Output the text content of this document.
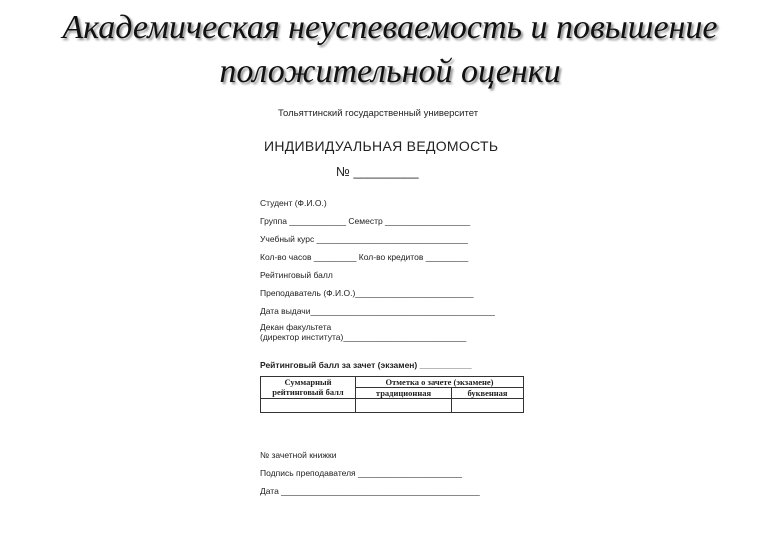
Академическая неуспеваемость и повышение
положительной оценки
Тольяттинский государственный университет
ИНДИВИДУАЛЬНАЯ ВЕДОМОСТЬ
№ _________
Студент (Ф.И.О.)
Группа ____________ Семестр __________________
Учебный курс ________________________________
Кол-во часов _________ Кол-во кредитов _________
Рейтинговый балл
Преподаватель (Ф.И.О.)_________________________
Дата выдачи_______________________________________
Декан факультета
(директор института)__________________________
Рейтинговый балл за зачет (экзамен) ___________
Суммарный рейтинговый балл	Отметка о зачете (экзамене)	
	традиционная	буквенная

№ зачетной книжки
Подпись преподавателя ______________________
Дата __________________________________________
